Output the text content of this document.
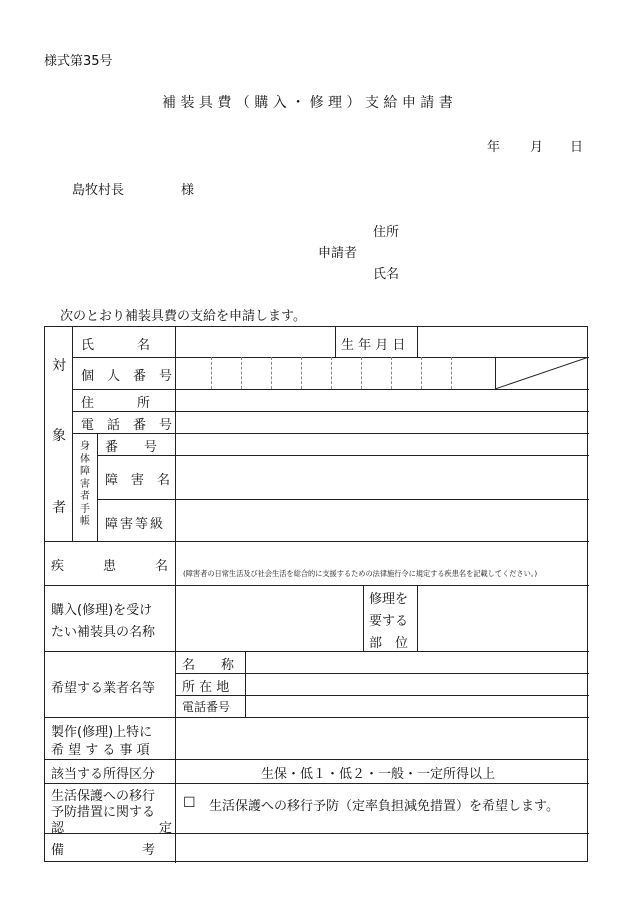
様式第35号
補 装 具 費 （ 購 入 ・ 修 理 ） 支 給 申 請 書
年 月 日
島牧村長	様
住所
申請者
氏名
次のとおり補装具費の支給を申請します。
対
象
者
身体障害者手帳
氏　　　名	生 年 月 日
個　人　番　号
住　　　所
電　話　番　号
番　　号
障　害　名
障害等級
疾　　　患　　　名 (障害者の日常生活及び社会生活を総合的に支援するための法律施行令に規定する疾患名を記載してください。)
購入(修理)を受け
たい補装具の名称
修理を
要する
部　位
希望する業者名等
名　　称
所 在 地
電話番号
製作(修理)上特に
希 望 す る 事 項
該当する所得区分	生保・低１・低２・一般・一定所得以上
生活保護への移行
予防措置に関する
認	定
☐ 生活保護への移行予防（定率負担減免措置）を希望します。
備　　　　　　考
